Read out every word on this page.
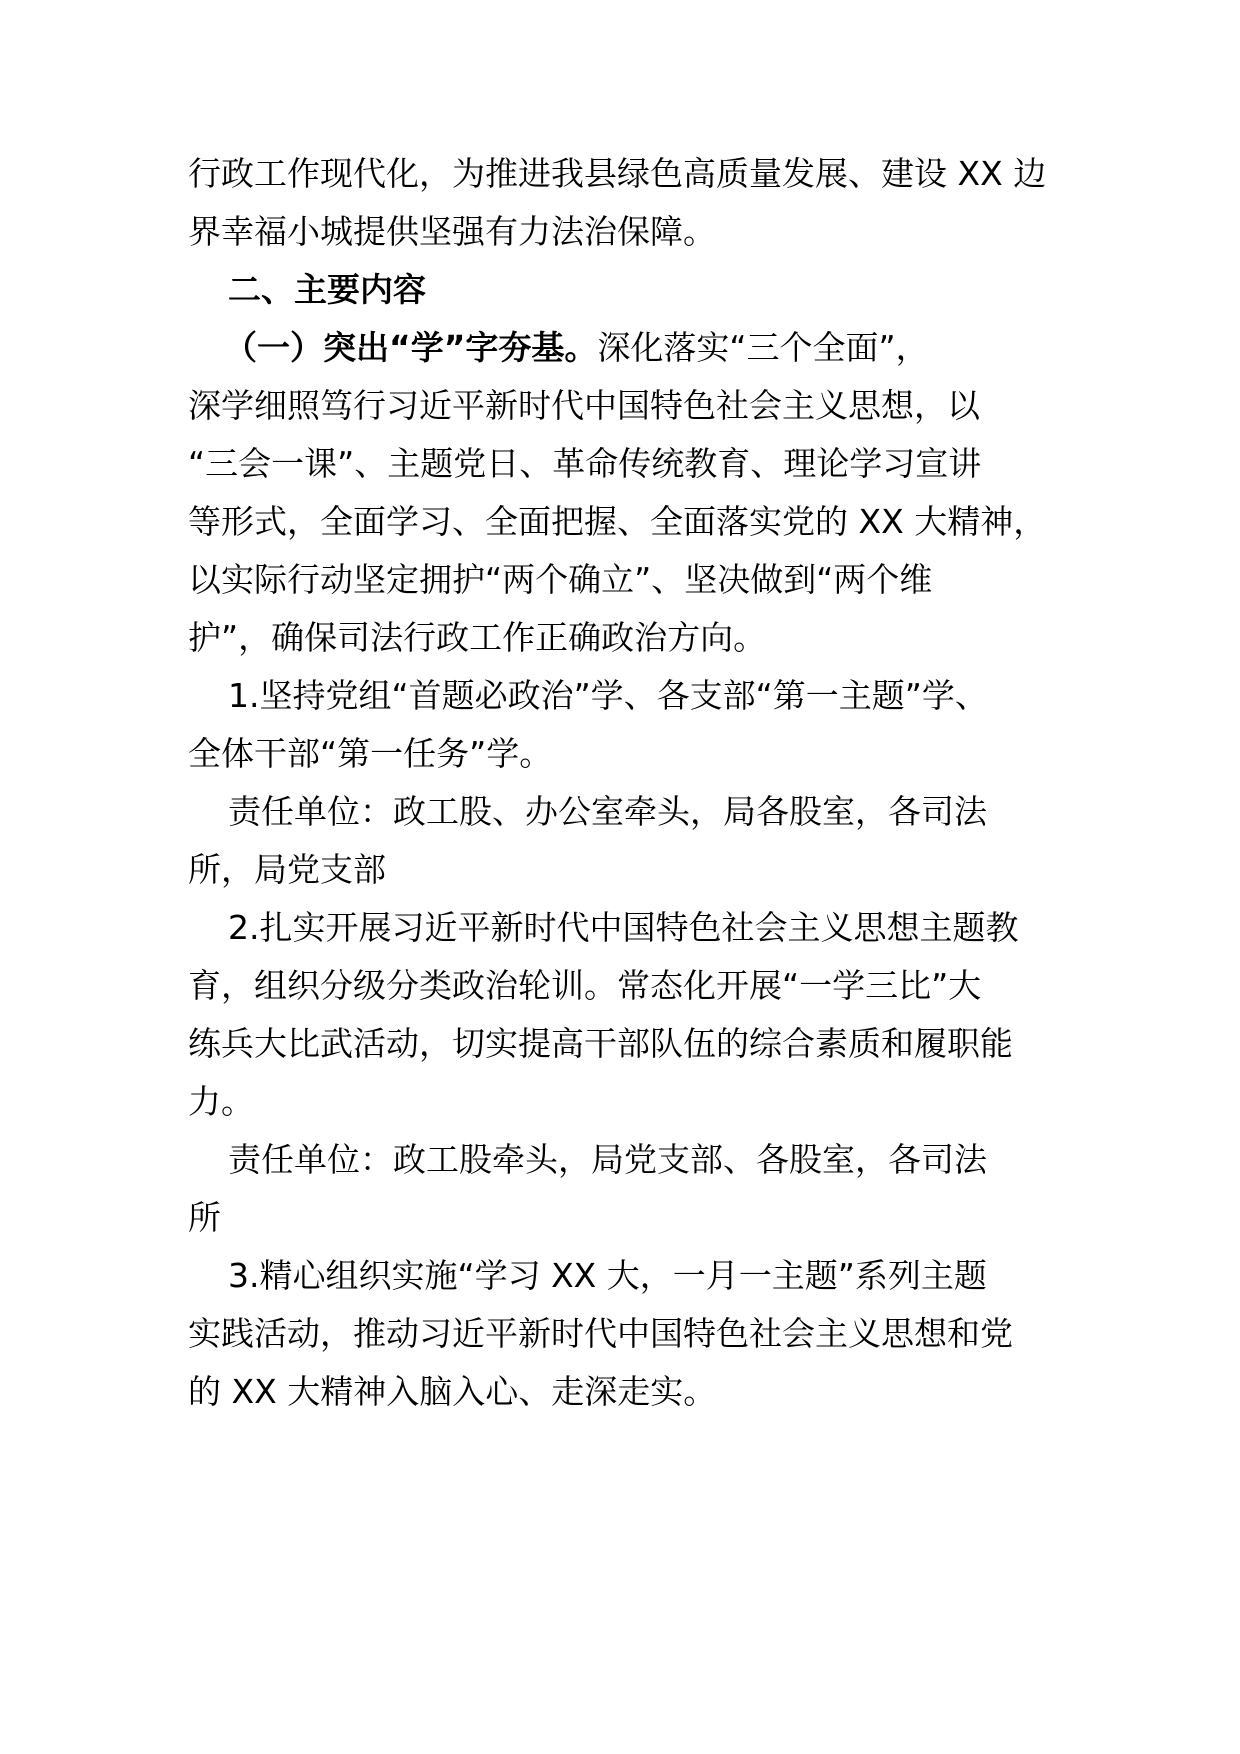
行政工作现代化，为推进我县绿色高质量发展、建设 XX 边
界幸福小城提供坚强有力法治保障。
二、主要内容
（一）突出“学”字夯基。深化落实“三个全面”，
深学细照笃行习近平新时代中国特色社会主义思想，以
“三会一课”、主题党日、革命传统教育、理论学习宣讲
等形式，全面学习、全面把握、全面落实党的 XX 大精神，
以实际行动坚定拥护“两个确立”、坚决做到“两个维
护”，确保司法行政工作正确政治方向。
1.坚持党组“首题必政治”学、各支部“第一主题”学、
全体干部“第一任务”学。
责任单位：政工股、办公室牵头，局各股室，各司法
所，局党支部
2.扎实开展习近平新时代中国特色社会主义思想主题教
育，组织分级分类政治轮训。常态化开展“一学三比”大
练兵大比武活动，切实提高干部队伍的综合素质和履职能
力。
责任单位：政工股牵头，局党支部、各股室，各司法
所
3.精心组织实施“学习 XX 大，一月一主题”系列主题
实践活动，推动习近平新时代中国特色社会主义思想和党
的 XX 大精神入脑入心、走深走实。
